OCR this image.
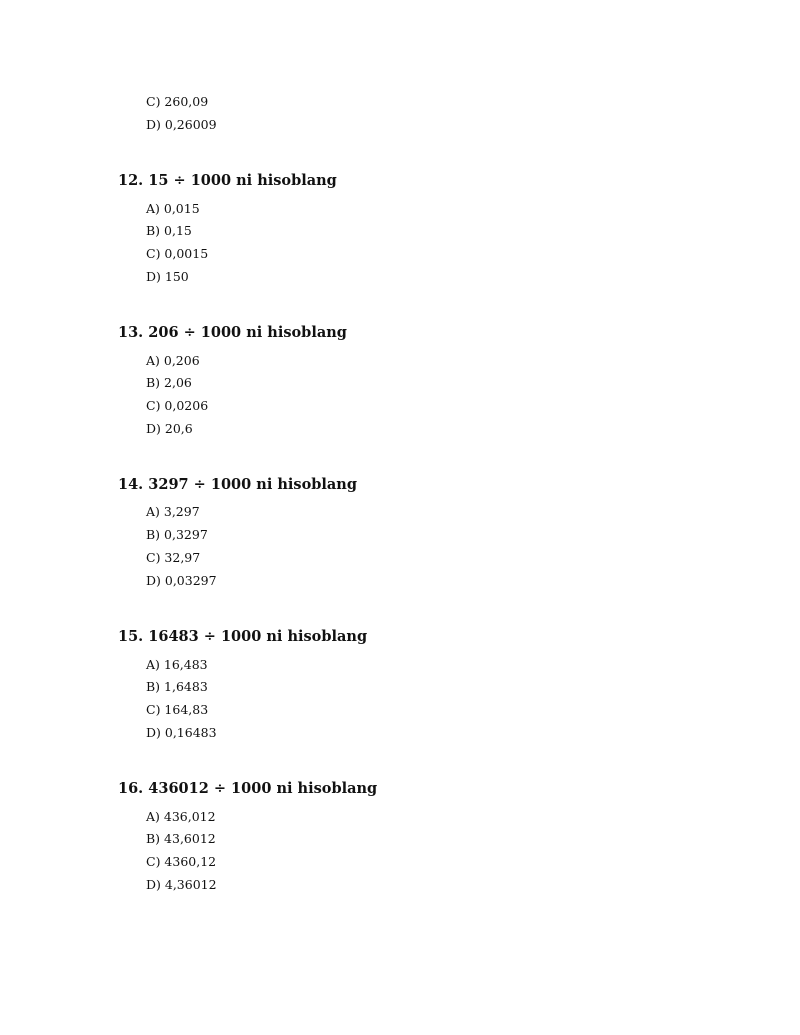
C) 260,09
D) 0,26009
12. 15 ÷ 1000 ni hisoblang
A) 0,015
B) 0,15
C) 0,0015
D) 150
13. 206 ÷ 1000 ni hisoblang
A) 0,206
B) 2,06
C) 0,0206
D) 20,6
14. 3297 ÷ 1000 ni hisoblang
A) 3,297
B) 0,3297
C) 32,97
D) 0,03297
15. 16483 ÷ 1000 ni hisoblang
A) 16,483
B) 1,6483
C) 164,83
D) 0,16483
16. 436012 ÷ 1000 ni hisoblang
A) 436,012
B) 43,6012
C) 4360,12
D) 4,36012
